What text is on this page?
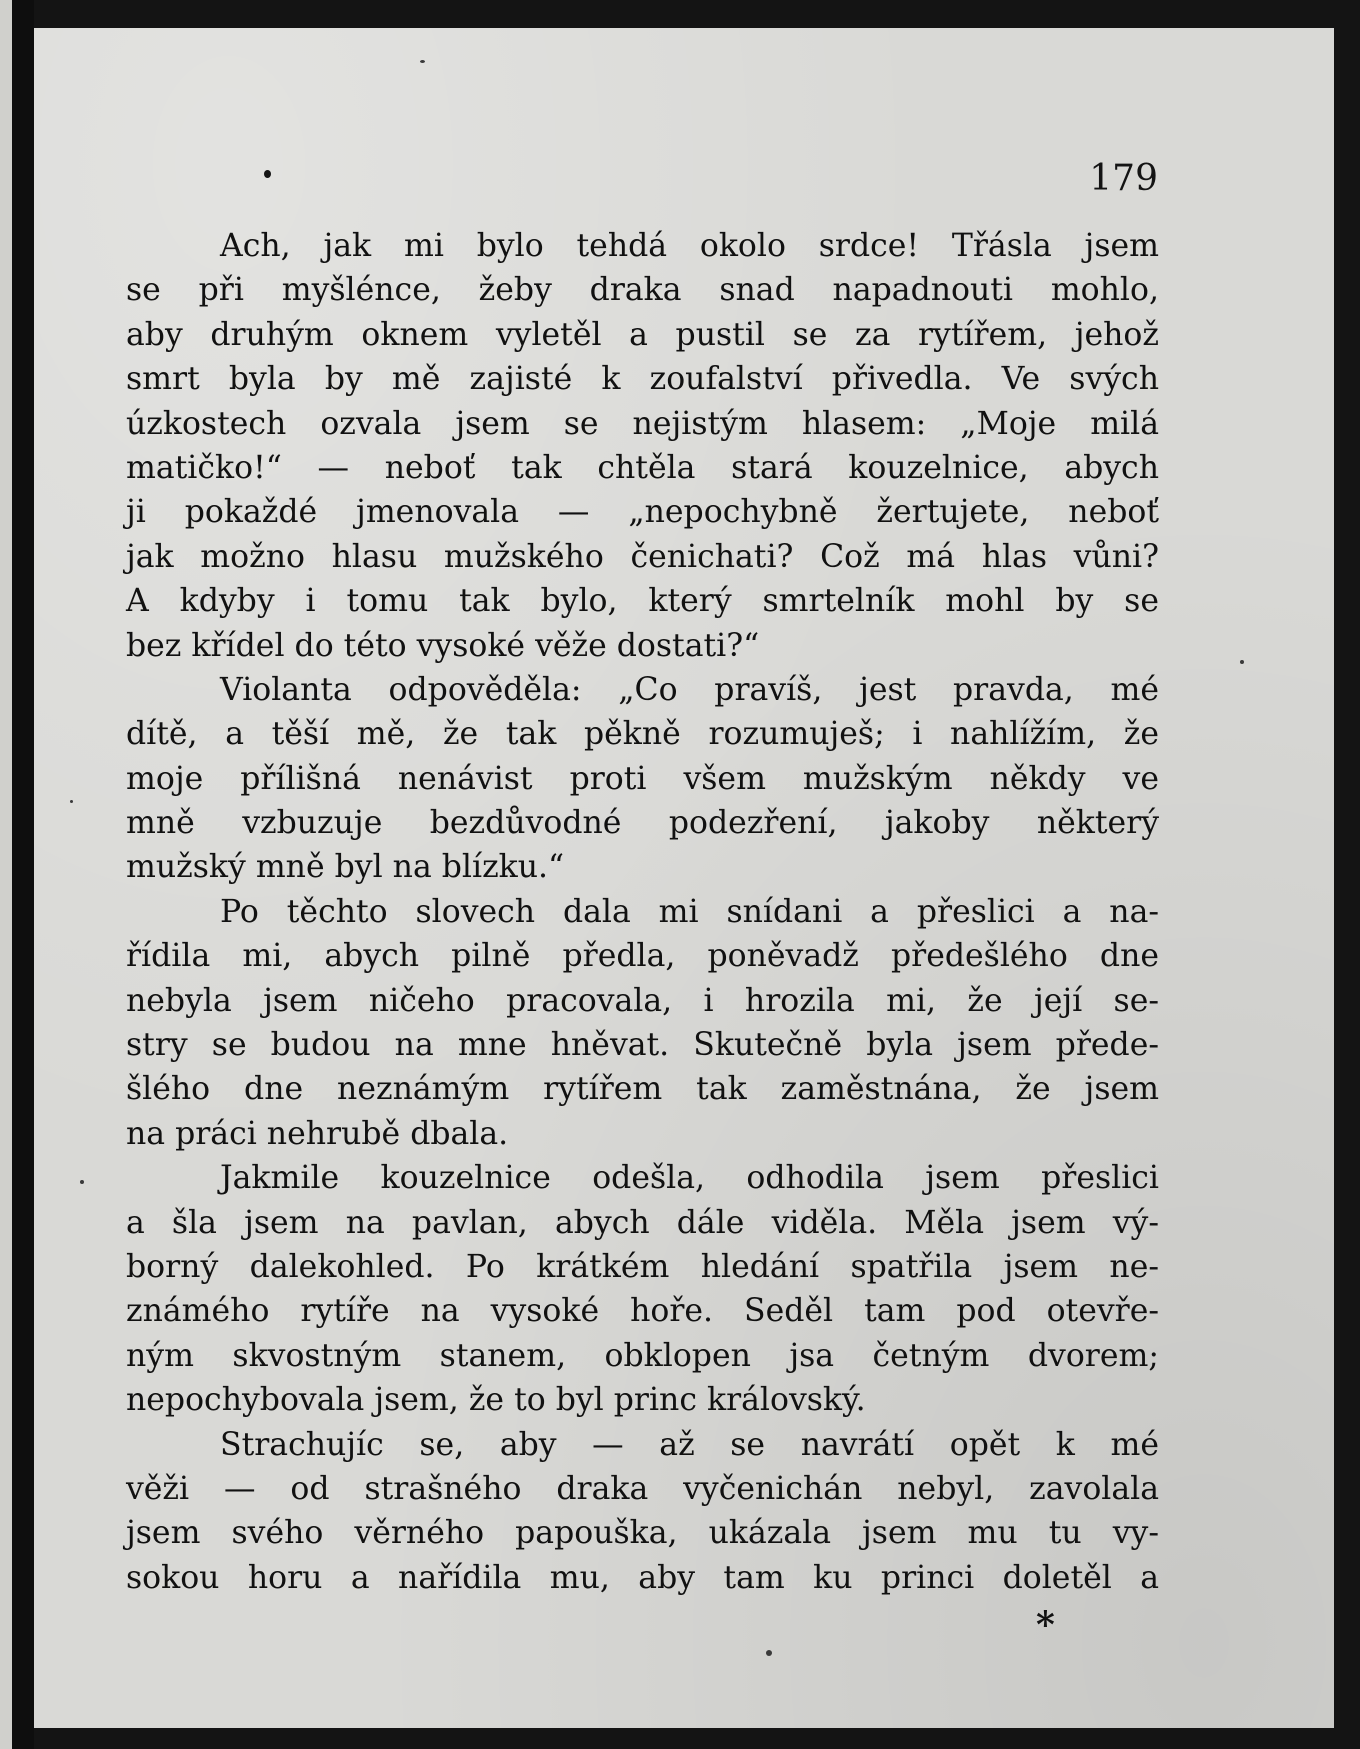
179
Ach, jak mi bylo tehdá okolo srdce! Třásla jsem
se při myšlénce, žeby draka snad napadnouti mohlo,
aby druhým oknem vyletěl a pustil se za rytířem, jehož
smrt byla by mě zajisté k zoufalství přivedla. Ve svých
úzkostech ozvala jsem se nejistým hlasem: „Moje milá
matičko!“ — neboť tak chtěla stará kouzelnice, abych
ji pokaždé jmenovala — „nepochybně žertujete, neboť
jak možno hlasu mužského čenichati? Což má hlas vůni?
A kdyby i tomu tak bylo, který smrtelník mohl by se
bez křídel do této vysoké věže dostati?“
Violanta odpověděla: „Co pravíš, jest pravda, mé
dítě, a těší mě, že tak pěkně rozumuješ; i nahlížím, že
moje přílišná nenávist proti všem mužským někdy ve
mně vzbuzuje bezdůvodné podezření, jakoby některý
mužský mně byl na blízku.“
Po těchto slovech dala mi snídani a přeslici a na-
řídila mi, abych pilně předla, poněvadž předešlého dne
nebyla jsem ničeho pracovala, i hrozila mi, že její se-
stry se budou na mne hněvat. Skutečně byla jsem přede-
šlého dne neznámým rytířem tak zaměstnána, že jsem
na práci nehrubě dbala.
Jakmile kouzelnice odešla, odhodila jsem přeslici
a šla jsem na pavlan, abych dále viděla. Měla jsem vý-
borný dalekohled. Po krátkém hledání spatřila jsem ne-
známého rytíře na vysoké hoře. Seděl tam pod otevře-
ným skvostným stanem, obklopen jsa četným dvorem;
nepochybovala jsem, že to byl princ královský.
Strachujíc se, aby — až se navrátí opět k mé
věži — od strašného draka vyčenichán nebyl, zavolala
jsem svého věrného papouška, ukázala jsem mu tu vy-
sokou horu a nařídila mu, aby tam ku princi doletěl a
*
